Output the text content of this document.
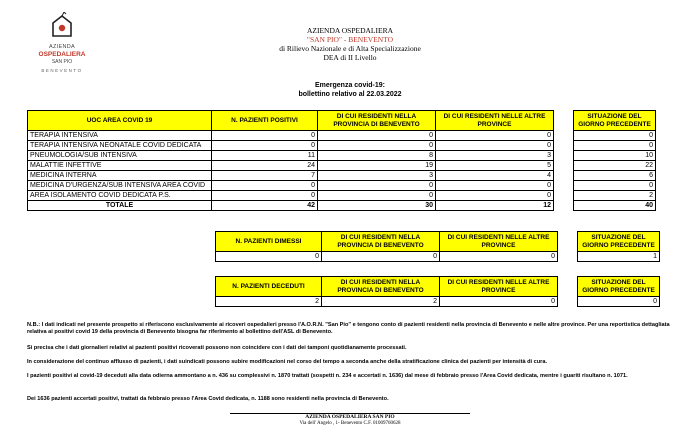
AZIENDA
OSPEDALIERA
SAN PIO
BENEVENTO
AZIENDA OSPEDALIERA
"SAN PIO" - BENEVENTO
di Rilievo Nazionale e di Alta Specializzazione
DEA di II Livello
Emergenza covid-19:
bollettino relativo al 22.03.2022
UOC AREA COVID 19	N. PAZIENTI POSITIVI	DI CUI RESIDENTI NELLA PROVINCIA DI BENEVENTO	DI CUI RESIDENTI NELLE ALTRE PROVINCE		SITUAZIONE DEL GIORNO PRECEDENTE
TERAPIA INTENSIVA	0	0	0		0
TERAPIA INTENSIVA NEONATALE COVID DEDICATA	0	0	0		0
PNEUMOLOGIA/SUB INTENSIVA	11	8	3		10
MALATTIE INFETTIVE	24	19	5		22
MEDICINA INTERNA	7	3	4		6
MEDICINA D'URGENZA/SUB INTENSIVA AREA COVID	0	0	0		0
AREA ISOLAMENTO COVID DEDICATA P.S.	0	0	0		2
TOTALE	42	30	12		40
N. PAZIENTI DIMESSI	DI CUI RESIDENTI NELLA PROVINCIA DI BENEVENTO	DI CUI RESIDENTI NELLE ALTRE PROVINCE		SITUAZIONE DEL GIORNO PRECEDENTE
0	0	0		1
N. PAZIENTI DECEDUTI	DI CUI RESIDENTI NELLA PROVINCIA DI BENEVENTO	DI CUI RESIDENTI NELLE ALTRE PROVINCE		SITUAZIONE DEL GIORNO PRECEDENTE
2	2	0		0
N.B.: I dati indicati nel presente prospetto si riferiscono esclusivamente ai ricoveri ospedalieri presso l'A.O.R.N. "San Pio" e tengono conto di pazienti residenti nella provincia di Benevento e nelle altre province. Per una reportistica dettagliata relativa ai positivi covid 19 della provincia di Benevento bisogna far riferimento al bollettino dell'ASL di Benevento.
Si precisa che i dati giornalieri relativi ai pazienti positivi ricoverati possono non coincidere con i dati dei tamponi quotidianamente processati.
In considerazione del continuo afflusso di pazienti, i dati suindicati possono subire modificazioni nel corso del tempo a seconda anche della stratificazione clinica dei pazienti per intensità di cura.
I pazienti positivi al covid-19 deceduti alla data odierna ammontano a n. 436 su complessivi n. 1870 trattati (sospetti n. 234 e accertati n. 1636) dal mese di febbraio presso l'Area Covid dedicata, mentre i guariti risultano n. 1071.
Dei 1636 pazienti accertati positivi, trattati da febbraio presso l'Area Covid dedicata, n. 1188 sono residenti nella provincia di Benevento.
AZIENDA OSPEDALIERA SAN PIO
Via dell' Angelo , 1- Benevento C.F. 01009760628
